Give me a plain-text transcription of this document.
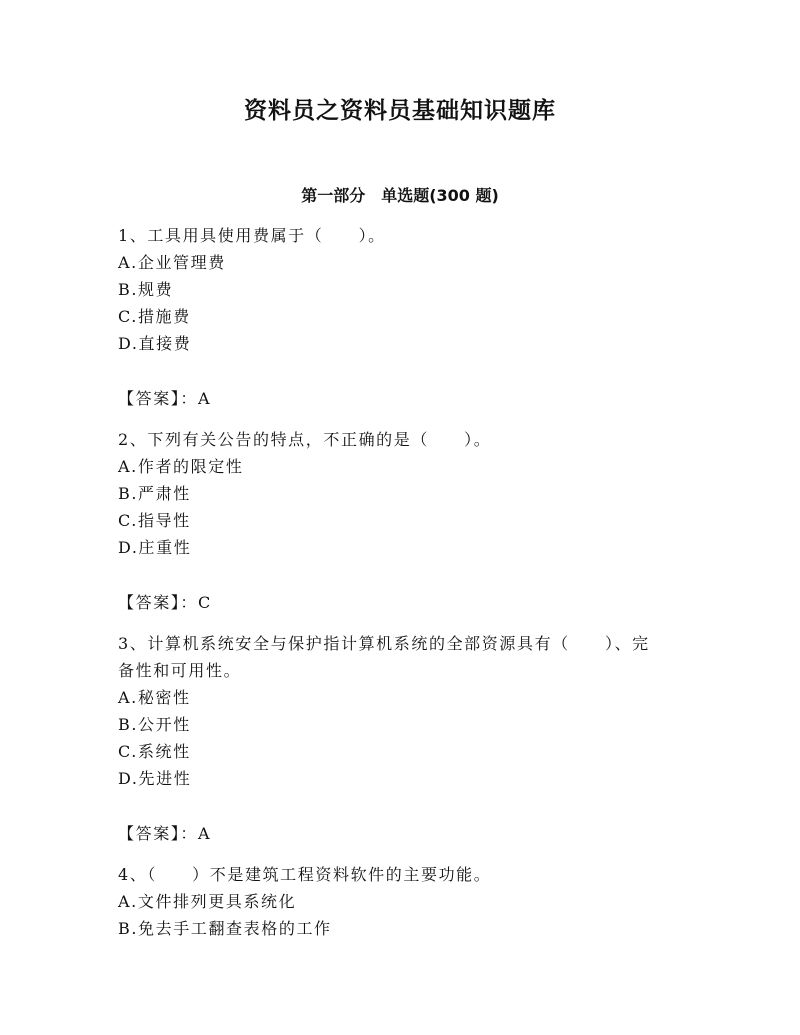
资料员之资料员基础知识题库
第一部分　单选题(300 题)
1、工具用具使用费属于（　　）。
A.企业管理费
B.规费
C.措施费
D.直接费
【答案】：A
2、下列有关公告的特点，不正确的是（　　）。
A.作者的限定性
B.严肃性
C.指导性
D.庄重性
【答案】：C
3、计算机系统安全与保护指计算机系统的全部资源具有（　　）、完
备性和可用性。
A.秘密性
B.公开性
C.系统性
D.先进性
【答案】：A
4、（　　）不是建筑工程资料软件的主要功能。
A.文件排列更具系统化
B.免去手工翻查表格的工作
